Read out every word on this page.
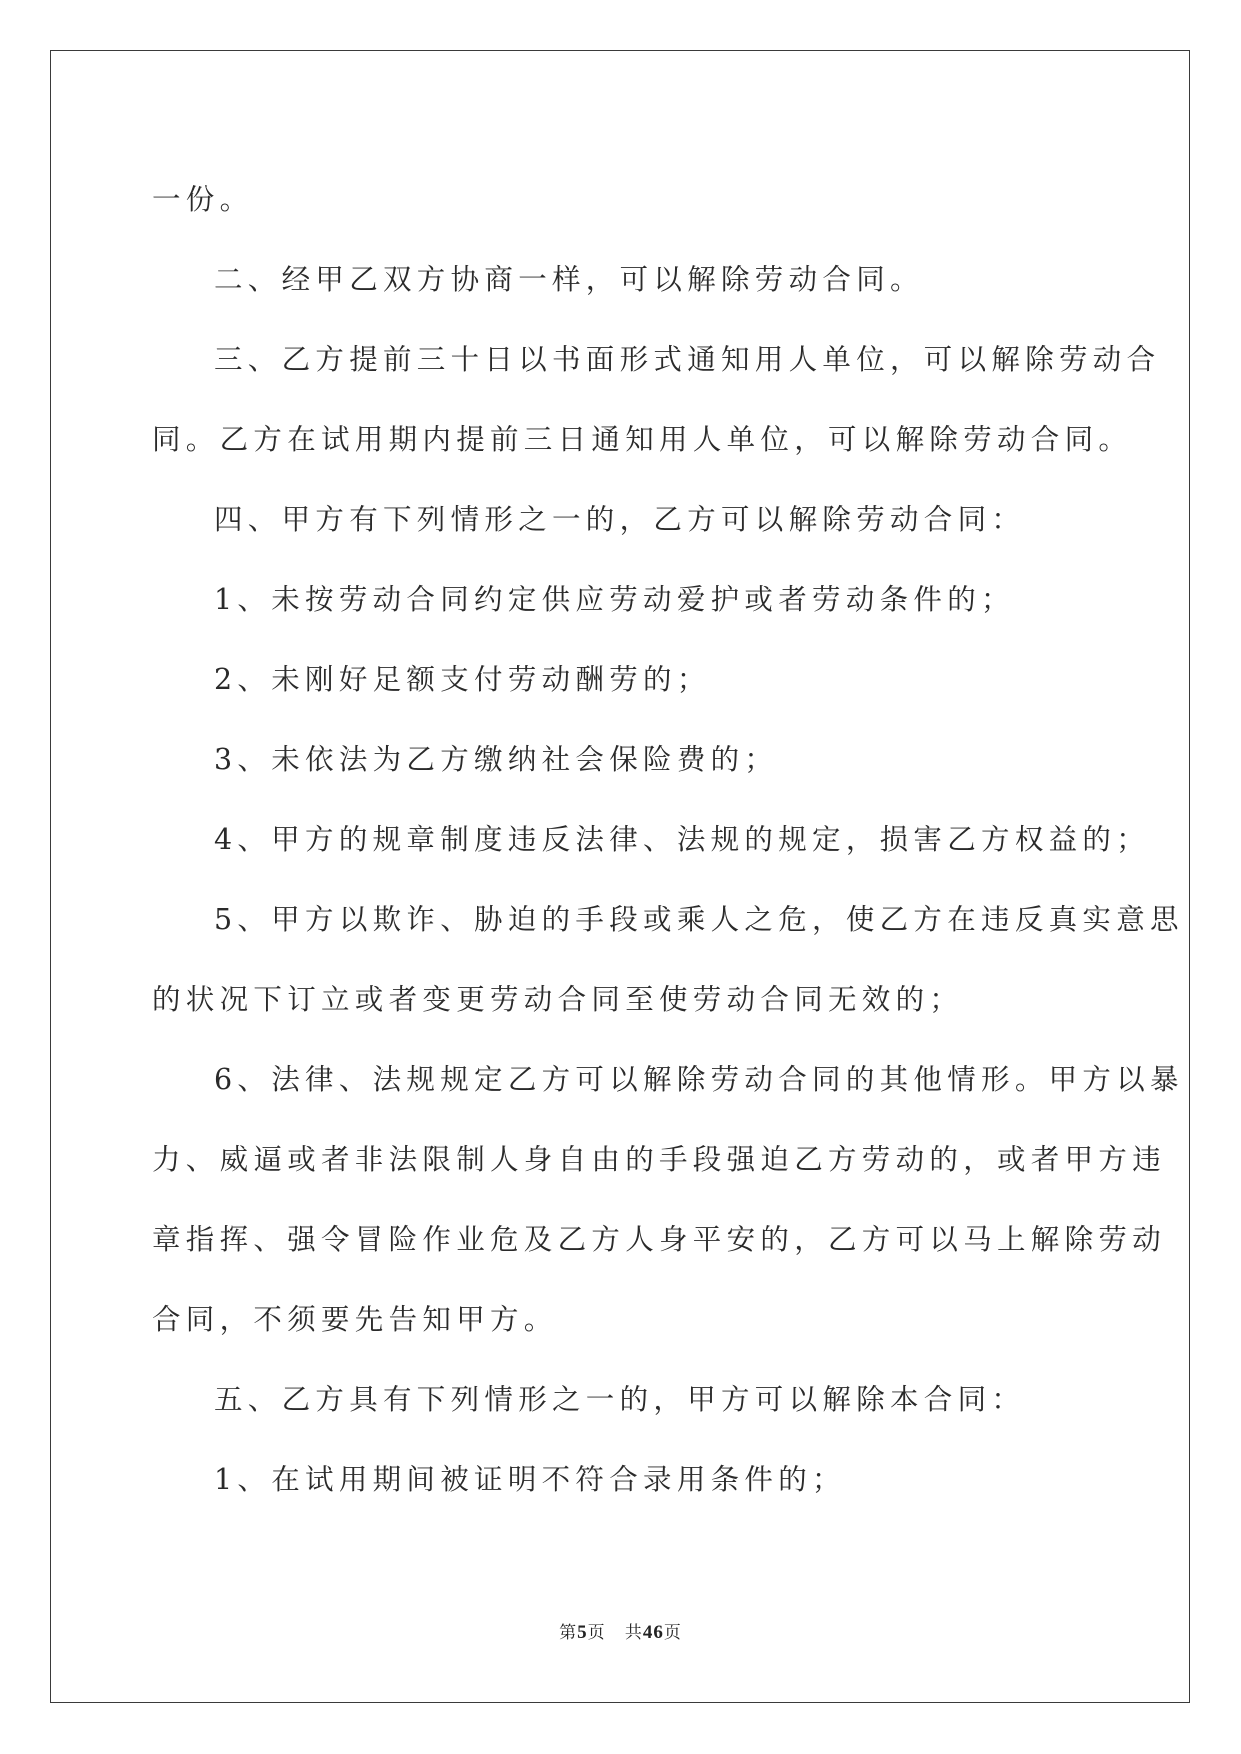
一份。

二、经甲乙双方协商一样，可以解除劳动合同。

三、乙方提前三十日以书面形式通知用人单位，可以解除劳动合

同。乙方在试用期内提前三日通知用人单位，可以解除劳动合同。

四、甲方有下列情形之一的，乙方可以解除劳动合同：

1、未按劳动合同约定供应劳动爱护或者劳动条件的；

2、未刚好足额支付劳动酬劳的；

3、未依法为乙方缴纳社会保险费的；

4、甲方的规章制度违反法律、法规的规定，损害乙方权益的；

5、甲方以欺诈、胁迫的手段或乘人之危，使乙方在违反真实意思

的状况下订立或者变更劳动合同至使劳动合同无效的；

6、法律、法规规定乙方可以解除劳动合同的其他情形。甲方以暴

力、威逼或者非法限制人身自由的手段强迫乙方劳动的，或者甲方违

章指挥、强令冒险作业危及乙方人身平安的，乙方可以马上解除劳动

合同，不须要先告知甲方。

五、乙方具有下列情形之一的，甲方可以解除本合同：

1、在试用期间被证明不符合录用条件的；

第5页 共46页
